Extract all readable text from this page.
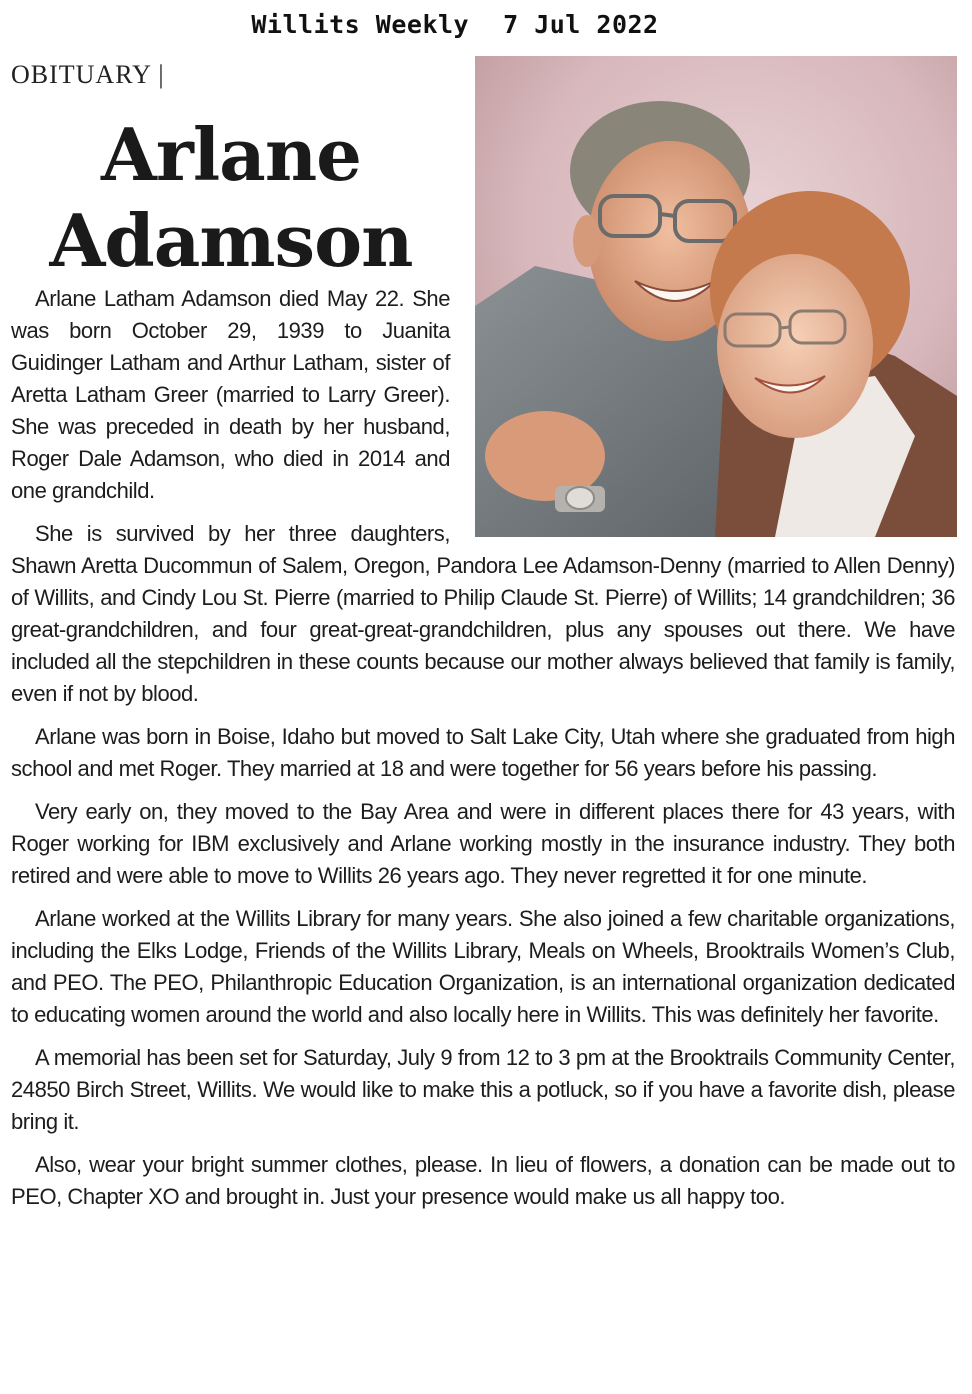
Willits Weekly 7 Jul 2022
OBITUARY |
Arlane
Adamson

Arlane Latham Adamson died May 22. She was born October 29, 1939 to Juanita Guidinger Latham and Arthur Latham, sister of Aretta Latham Greer (married to Larry Greer). She was preceded in death by her husband, Roger Dale Adamson, who died in 2014 and one grandchild.

She is survived by her three daughters, Shawn Aretta Ducommun of Salem, Oregon, Pandora Lee Adamson-Denny (married to Allen Denny) of Willits, and Cindy Lou St. Pierre (married to Philip Claude St. Pierre) of Willits; 14 grandchildren; 36 great-grandchildren, and four great-great-grandchildren, plus any spouses out there. We have included all the stepchildren in these counts because our mother always believed that family is family, even if not by blood.

Arlane was born in Boise, Idaho but moved to Salt Lake City, Utah where she graduated from high school and met Roger. They married at 18 and were together for 56 years before his passing.

Very early on, they moved to the Bay Area and were in different places there for 43 years, with Roger working for IBM exclusively and Arlane working mostly in the insurance industry. They both retired and were able to move to Willits 26 years ago. They never regretted it for one minute.

Arlane worked at the Willits Library for many years. She also joined a few charitable organizations, including the Elks Lodge, Friends of the Willits Library, Meals on Wheels, Brooktrails Women’s Club, and PEO. The PEO, Philanthropic Education Organization, is an international organization dedicated to educating women around the world and also locally here in Willits. This was definitely her favorite.

A memorial has been set for Saturday, July 9 from 12 to 3 pm at the Brooktrails Community Center, 24850 Birch Street, Willits. We would like to make this a potluck, so if you have a favorite dish, please bring it.

Also, wear your bright summer clothes, please. In lieu of flowers, a donation can be made out to PEO, Chapter XO and brought in. Just your presence would make us all happy too.
